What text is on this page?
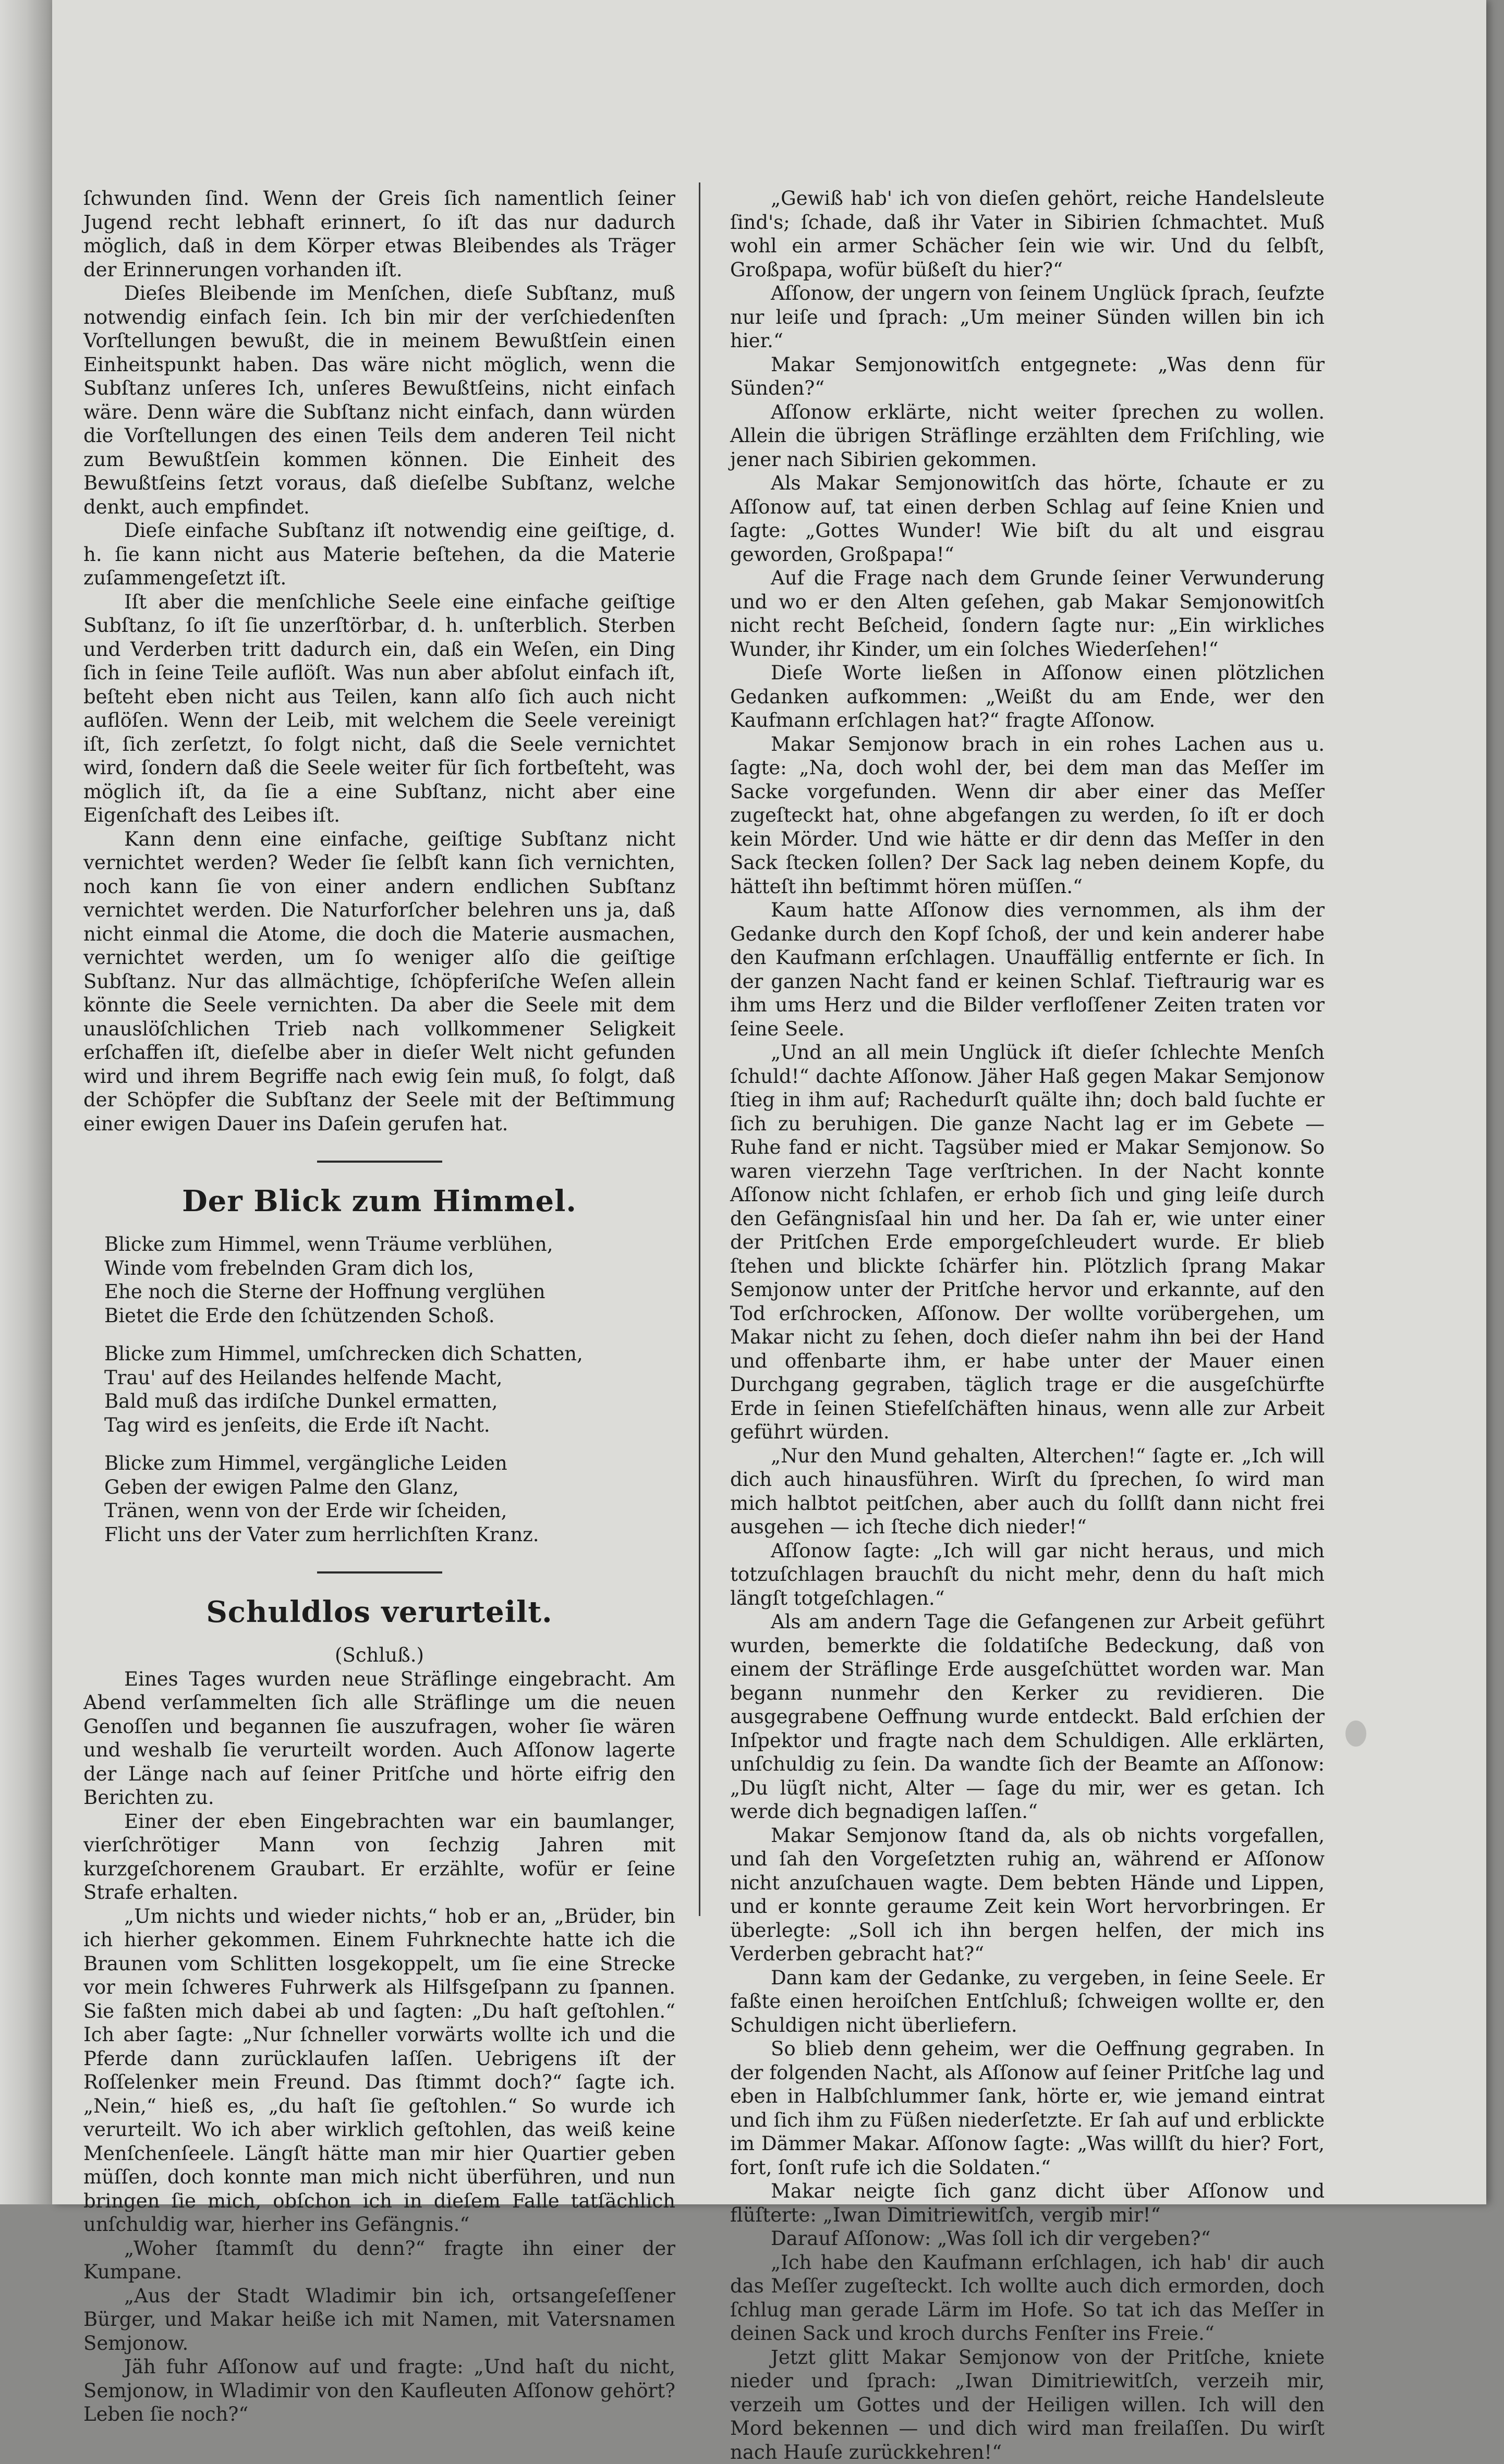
ſchwunden ſind. Wenn der Greis ſich namentlich ſeiner Jugend recht lebhaft erinnert, ſo iſt das nur dadurch möglich, daß in dem Körper etwas Bleibendes als Träger der Erinnerungen vorhanden iſt.

Dieſes Bleibende im Menſchen, dieſe Subſtanz, muß notwendig einfach ſein. Ich bin mir der verſchiedenſten Vorſtellungen bewußt, die in meinem Bewußtſein einen Einheitspunkt haben. Das wäre nicht möglich, wenn die Subſtanz unſeres Ich, unſeres Bewußtſeins, nicht einfach wäre. Denn wäre die Subſtanz nicht einfach, dann würden die Vorſtellungen des einen Teils dem anderen Teil nicht zum Bewußtſein kommen können. Die Einheit des Bewußtſeins ſetzt voraus, daß dieſelbe Subſtanz, welche denkt, auch empfindet.

Dieſe einfache Subſtanz iſt notwendig eine geiſtige, d. h. ſie kann nicht aus Materie beſtehen, da die Materie zuſammengeſetzt iſt.

Iſt aber die menſchliche Seele eine einfache geiſtige Subſtanz, ſo iſt ſie unzerſtörbar, d. h. unſterblich. Sterben und Verderben tritt dadurch ein, daß ein Weſen, ein Ding ſich in ſeine Teile auflöſt. Was nun aber abſolut einfach iſt, beſteht eben nicht aus Teilen, kann alſo ſich auch nicht auflöſen. Wenn der Leib, mit welchem die Seele vereinigt iſt, ſich zerſetzt, ſo folgt nicht, daß die Seele vernichtet wird, ſondern daß die Seele weiter für ſich fortbeſteht, was möglich iſt, da ſie a eine Subſtanz, nicht aber eine Eigenſchaft des Leibes iſt.

Kann denn eine einfache, geiſtige Subſtanz nicht vernichtet werden? Weder ſie ſelbſt kann ſich vernichten, noch kann ſie von einer andern endlichen Subſtanz vernichtet werden. Die Naturforſcher belehren uns ja, daß nicht einmal die Atome, die doch die Materie ausmachen, vernichtet werden, um ſo weniger alſo die geiſtige Subſtanz. Nur das allmächtige, ſchöpferiſche Weſen allein könnte die Seele vernichten. Da aber die Seele mit dem unauslöſchlichen Trieb nach vollkommener Seligkeit erſchaffen iſt, dieſelbe aber in dieſer Welt nicht gefunden wird und ihrem Begriffe nach ewig ſein muß, ſo folgt, daß der Schöpfer die Subſtanz der Seele mit der Beſtimmung einer ewigen Dauer ins Daſein gerufen hat.

Der Blick zum Himmel.
Blicke zum Himmel, wenn Träume verblühen,
Winde vom frebelnden Gram dich los,
Ehe noch die Sterne der Hoffnung verglühen
Bietet die Erde den ſchützenden Schoß.
Blicke zum Himmel, umſchrecken dich Schatten,
Trau' auf des Heilandes helfende Macht,
Bald muß das irdiſche Dunkel ermatten,
Tag wird es jenſeits, die Erde iſt Nacht.
Blicke zum Himmel, vergängliche Leiden
Geben der ewigen Palme den Glanz,
Tränen, wenn von der Erde wir ſcheiden,
Flicht uns der Vater zum herrlichſten Kranz.
Schuldlos verurteilt.

(Schluß.)

Eines Tages wurden neue Sträflinge eingebracht. Am Abend verſammelten ſich alle Sträflinge um die neuen Genoſſen und begannen ſie auszufragen, woher ſie wären und weshalb ſie verurteilt worden. Auch Aſſonow lagerte der Länge nach auf ſeiner Pritſche und hörte eifrig den Berichten zu.

Einer der eben Eingebrachten war ein baumlanger, vierſchrötiger Mann von ſechzig Jahren mit kurzgeſchorenem Graubart. Er erzählte, wofür er ſeine Strafe erhalten.

„Um nichts und wieder nichts,“ hob er an, „Brüder, bin ich hierher gekommen. Einem Fuhrknechte hatte ich die Braunen vom Schlitten losgekoppelt, um ſie eine Strecke vor mein ſchweres Fuhrwerk als Hilfsgeſpann zu ſpannen. Sie faßten mich dabei ab und ſagten: „Du haſt geſtohlen.“ Ich aber ſagte: „Nur ſchneller vorwärts wollte ich und die Pferde dann zurücklaufen laſſen. Uebrigens iſt der Roſſelenker mein Freund. Das ſtimmt doch?“ ſagte ich. „Nein,“ hieß es, „du haſt ſie geſtohlen.“ So wurde ich verurteilt. Wo ich aber wirklich geſtohlen, das weiß keine Menſchenſeele. Längſt hätte man mir hier Quartier geben müſſen, doch konnte man mich nicht überführen, und nun bringen ſie mich, obſchon ich in dieſem Falle tatſächlich unſchuldig war, hierher ins Gefängnis.“

„Woher ſtammſt du denn?“ fragte ihn einer der Kumpane.

„Aus der Stadt Wladimir bin ich, ortsangeſeſſener Bürger, und Makar heiße ich mit Namen, mit Vatersnamen Semjonow.

Jäh fuhr Aſſonow auf und fragte: „Und haſt du nicht, Semjonow, in Wladimir von den Kaufleuten Aſſonow gehört? Leben ſie noch?“

„Gewiß hab' ich von dieſen gehört, reiche Handelsleute ſind's; ſchade, daß ihr Vater in Sibirien ſchmachtet. Muß wohl ein armer Schächer ſein wie wir. Und du ſelbſt, Großpapa, wofür büßeſt du hier?“

Aſſonow, der ungern von ſeinem Unglück ſprach, ſeufzte nur leiſe und ſprach: „Um meiner Sünden willen bin ich hier.“

Makar Semjonowitſch entgegnete: „Was denn für Sünden?“

Aſſonow erklärte, nicht weiter ſprechen zu wollen. Allein die übrigen Sträflinge erzählten dem Friſchling, wie jener nach Sibirien gekommen.

Als Makar Semjonowitſch das hörte, ſchaute er zu Aſſonow auf, tat einen derben Schlag auf ſeine Knien und ſagte: „Gottes Wunder! Wie biſt du alt und eisgrau geworden, Großpapa!“

Auf die Frage nach dem Grunde ſeiner Verwunderung und wo er den Alten geſehen, gab Makar Semjonowitſch nicht recht Beſcheid, ſondern ſagte nur: „Ein wirkliches Wunder, ihr Kinder, um ein ſolches Wiederſehen!“

Dieſe Worte ließen in Aſſonow einen plötzlichen Gedanken aufkommen: „Weißt du am Ende, wer den Kaufmann erſchlagen hat?“ fragte Aſſonow.

Makar Semjonow brach in ein rohes Lachen aus u. ſagte: „Na, doch wohl der, bei dem man das Meſſer im Sacke vorgefunden. Wenn dir aber einer das Meſſer zugeſteckt hat, ohne abgefangen zu werden, ſo iſt er doch kein Mörder. Und wie hätte er dir denn das Meſſer in den Sack ſtecken ſollen? Der Sack lag neben deinem Kopfe, du hätteſt ihn beſtimmt hören müſſen.“

Kaum hatte Aſſonow dies vernommen, als ihm der Gedanke durch den Kopf ſchoß, der und kein anderer habe den Kaufmann erſchlagen. Unauffällig entfernte er ſich. In der ganzen Nacht fand er keinen Schlaf. Tieftraurig war es ihm ums Herz und die Bilder verfloſſener Zeiten traten vor ſeine Seele.

„Und an all mein Unglück iſt dieſer ſchlechte Menſch ſchuld!“ dachte Aſſonow. Jäher Haß gegen Makar Semjonow ſtieg in ihm auf; Rachedurſt quälte ihn; doch bald ſuchte er ſich zu beruhigen. Die ganze Nacht lag er im Gebete — Ruhe fand er nicht. Tagsüber mied er Makar Semjonow. So waren vierzehn Tage verſtrichen. In der Nacht konnte Aſſonow nicht ſchlafen, er erhob ſich und ging leiſe durch den Gefängnisſaal hin und her. Da ſah er, wie unter einer der Pritſchen Erde emporgeſchleudert wurde. Er blieb ſtehen und blickte ſchärfer hin. Plötzlich ſprang Makar Semjonow unter der Pritſche hervor und erkannte, auf den Tod erſchrocken, Aſſonow. Der wollte vorübergehen, um Makar nicht zu ſehen, doch dieſer nahm ihn bei der Hand und offenbarte ihm, er habe unter der Mauer einen Durchgang gegraben, täglich trage er die ausgeſchürfte Erde in ſeinen Stiefelſchäften hinaus, wenn alle zur Arbeit geführt würden.

„Nur den Mund gehalten, Alterchen!“ ſagte er. „Ich will dich auch hinausführen. Wirſt du ſprechen, ſo wird man mich halbtot peitſchen, aber auch du ſollſt dann nicht frei ausgehen — ich ſteche dich nieder!“

Aſſonow ſagte: „Ich will gar nicht heraus, und mich totzuſchlagen brauchſt du nicht mehr, denn du haſt mich längſt totgeſchlagen.“

Als am andern Tage die Gefangenen zur Arbeit geführt wurden, bemerkte die ſoldatiſche Bedeckung, daß von einem der Sträflinge Erde ausgeſchüttet worden war. Man begann nunmehr den Kerker zu revidieren. Die ausgegrabene Oeffnung wurde entdeckt. Bald erſchien der Inſpektor und fragte nach dem Schuldigen. Alle erklärten, unſchuldig zu ſein. Da wandte ſich der Beamte an Aſſonow: „Du lügſt nicht, Alter — ſage du mir, wer es getan. Ich werde dich begnadigen laſſen.“

Makar Semjonow ſtand da, als ob nichts vorgefallen, und ſah den Vorgeſetzten ruhig an, während er Aſſonow nicht anzuſchauen wagte. Dem bebten Hände und Lippen, und er konnte geraume Zeit kein Wort hervorbringen. Er überlegte: „Soll ich ihn bergen helfen, der mich ins Verderben gebracht hat?“

Dann kam der Gedanke, zu vergeben, in ſeine Seele. Er faßte einen heroiſchen Entſchluß; ſchweigen wollte er, den Schuldigen nicht überliefern.

So blieb denn geheim, wer die Oeffnung gegraben. In der folgenden Nacht, als Aſſonow auf ſeiner Pritſche lag und eben in Halbſchlummer ſank, hörte er, wie jemand eintrat und ſich ihm zu Füßen niederſetzte. Er ſah auf und erblickte im Dämmer Makar. Aſſonow ſagte: „Was willſt du hier? Fort, fort, ſonſt rufe ich die Soldaten.“

Makar neigte ſich ganz dicht über Aſſonow und flüſterte: „Iwan Dimitriewitſch, vergib mir!“

Darauf Aſſonow: „Was ſoll ich dir vergeben?“

„Ich habe den Kaufmann erſchlagen, ich hab' dir auch das Meſſer zugeſteckt. Ich wollte auch dich ermorden, doch ſchlug man gerade Lärm im Hofe. So tat ich das Meſſer in deinen Sack und kroch durchs Fenſter ins Freie.“

Jetzt glitt Makar Semjonow von der Pritſche, kniete nieder und ſprach: „Iwan Dimitriewitſch, verzeih mir, verzeih um Gottes und der Heiligen willen. Ich will den Mord bekennen — und dich wird man freilaſſen. Du wirſt nach Hauſe zurückkehren!“
